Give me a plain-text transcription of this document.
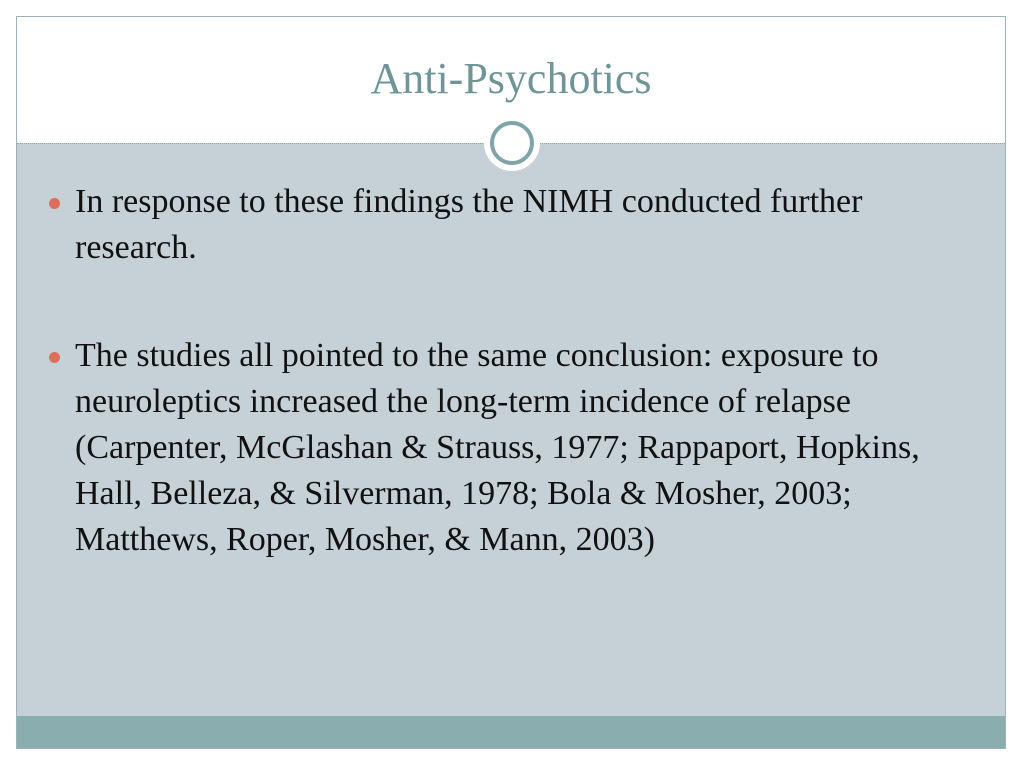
Anti-Psychotics
In response to these findings the NIMH conducted further research.
The studies all pointed to the same conclusion: exposure to neuroleptics increased the long-term incidence of relapse (Carpenter, McGlashan & Strauss, 1977; Rappaport, Hopkins, Hall, Belleza, & Silverman, 1978; Bola & Mosher, 2003; Matthews, Roper, Mosher, & Mann, 2003)
